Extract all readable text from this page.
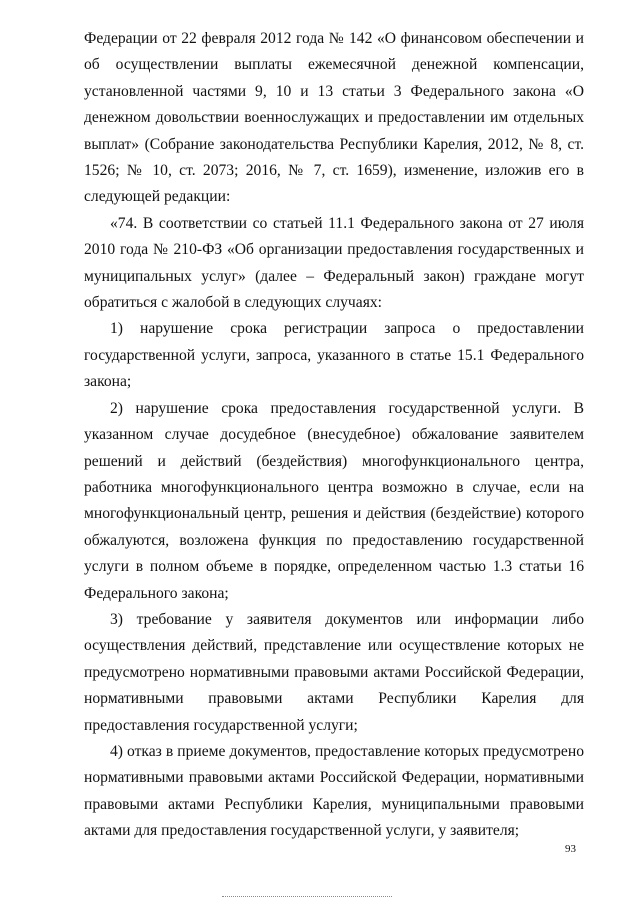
Федерации от 22 февраля 2012 года № 142 «О финансовом обеспечении и об осуществлении выплаты ежемесячной денежной компенсации, установленной частями 9, 10 и 13 статьи 3 Федерального закона «О денежном довольствии военнослужащих и предоставлении им отдельных выплат» (Собрание законодательства Республики Карелия, 2012, № 8, ст. 1526; № 10, ст. 2073; 2016, № 7, ст. 1659), изменение, изложив его в следующей редакции:

«74. В соответствии со статьей 11.1 Федерального закона от 27 июля 2010 года № 210-ФЗ «Об организации предоставления государственных и муниципальных услуг» (далее – Федеральный закон) граждане могут обратиться с жалобой в следующих случаях:

1) нарушение срока регистрации запроса о предоставлении государственной услуги, запроса, указанного в статье 15.1 Федерального закона;

2) нарушение срока предоставления государственной услуги. В указанном случае досудебное (внесудебное) обжалование заявителем решений и действий (бездействия) многофункционального центра, работника многофункционального центра возможно в случае, если на многофункциональный центр, решения и действия (бездействие) которого обжалуются, возложена функция по предоставлению государственной услуги в полном объеме в порядке, определенном частью 1.3 статьи 16 Федерального закона;

3) требование у заявителя документов или информации либо осуществления действий, представление или осуществление которых не предусмотрено нормативными правовыми актами Российской Федерации, нормативными правовыми актами Республики Карелия для предоставления государственной услуги;

4) отказ в приеме документов, предоставление которых предусмотрено нормативными правовыми актами Российской Федерации, нормативными правовыми актами Республики Карелия, муниципальными правовыми актами для предоставления государственной услуги, у заявителя;

93
